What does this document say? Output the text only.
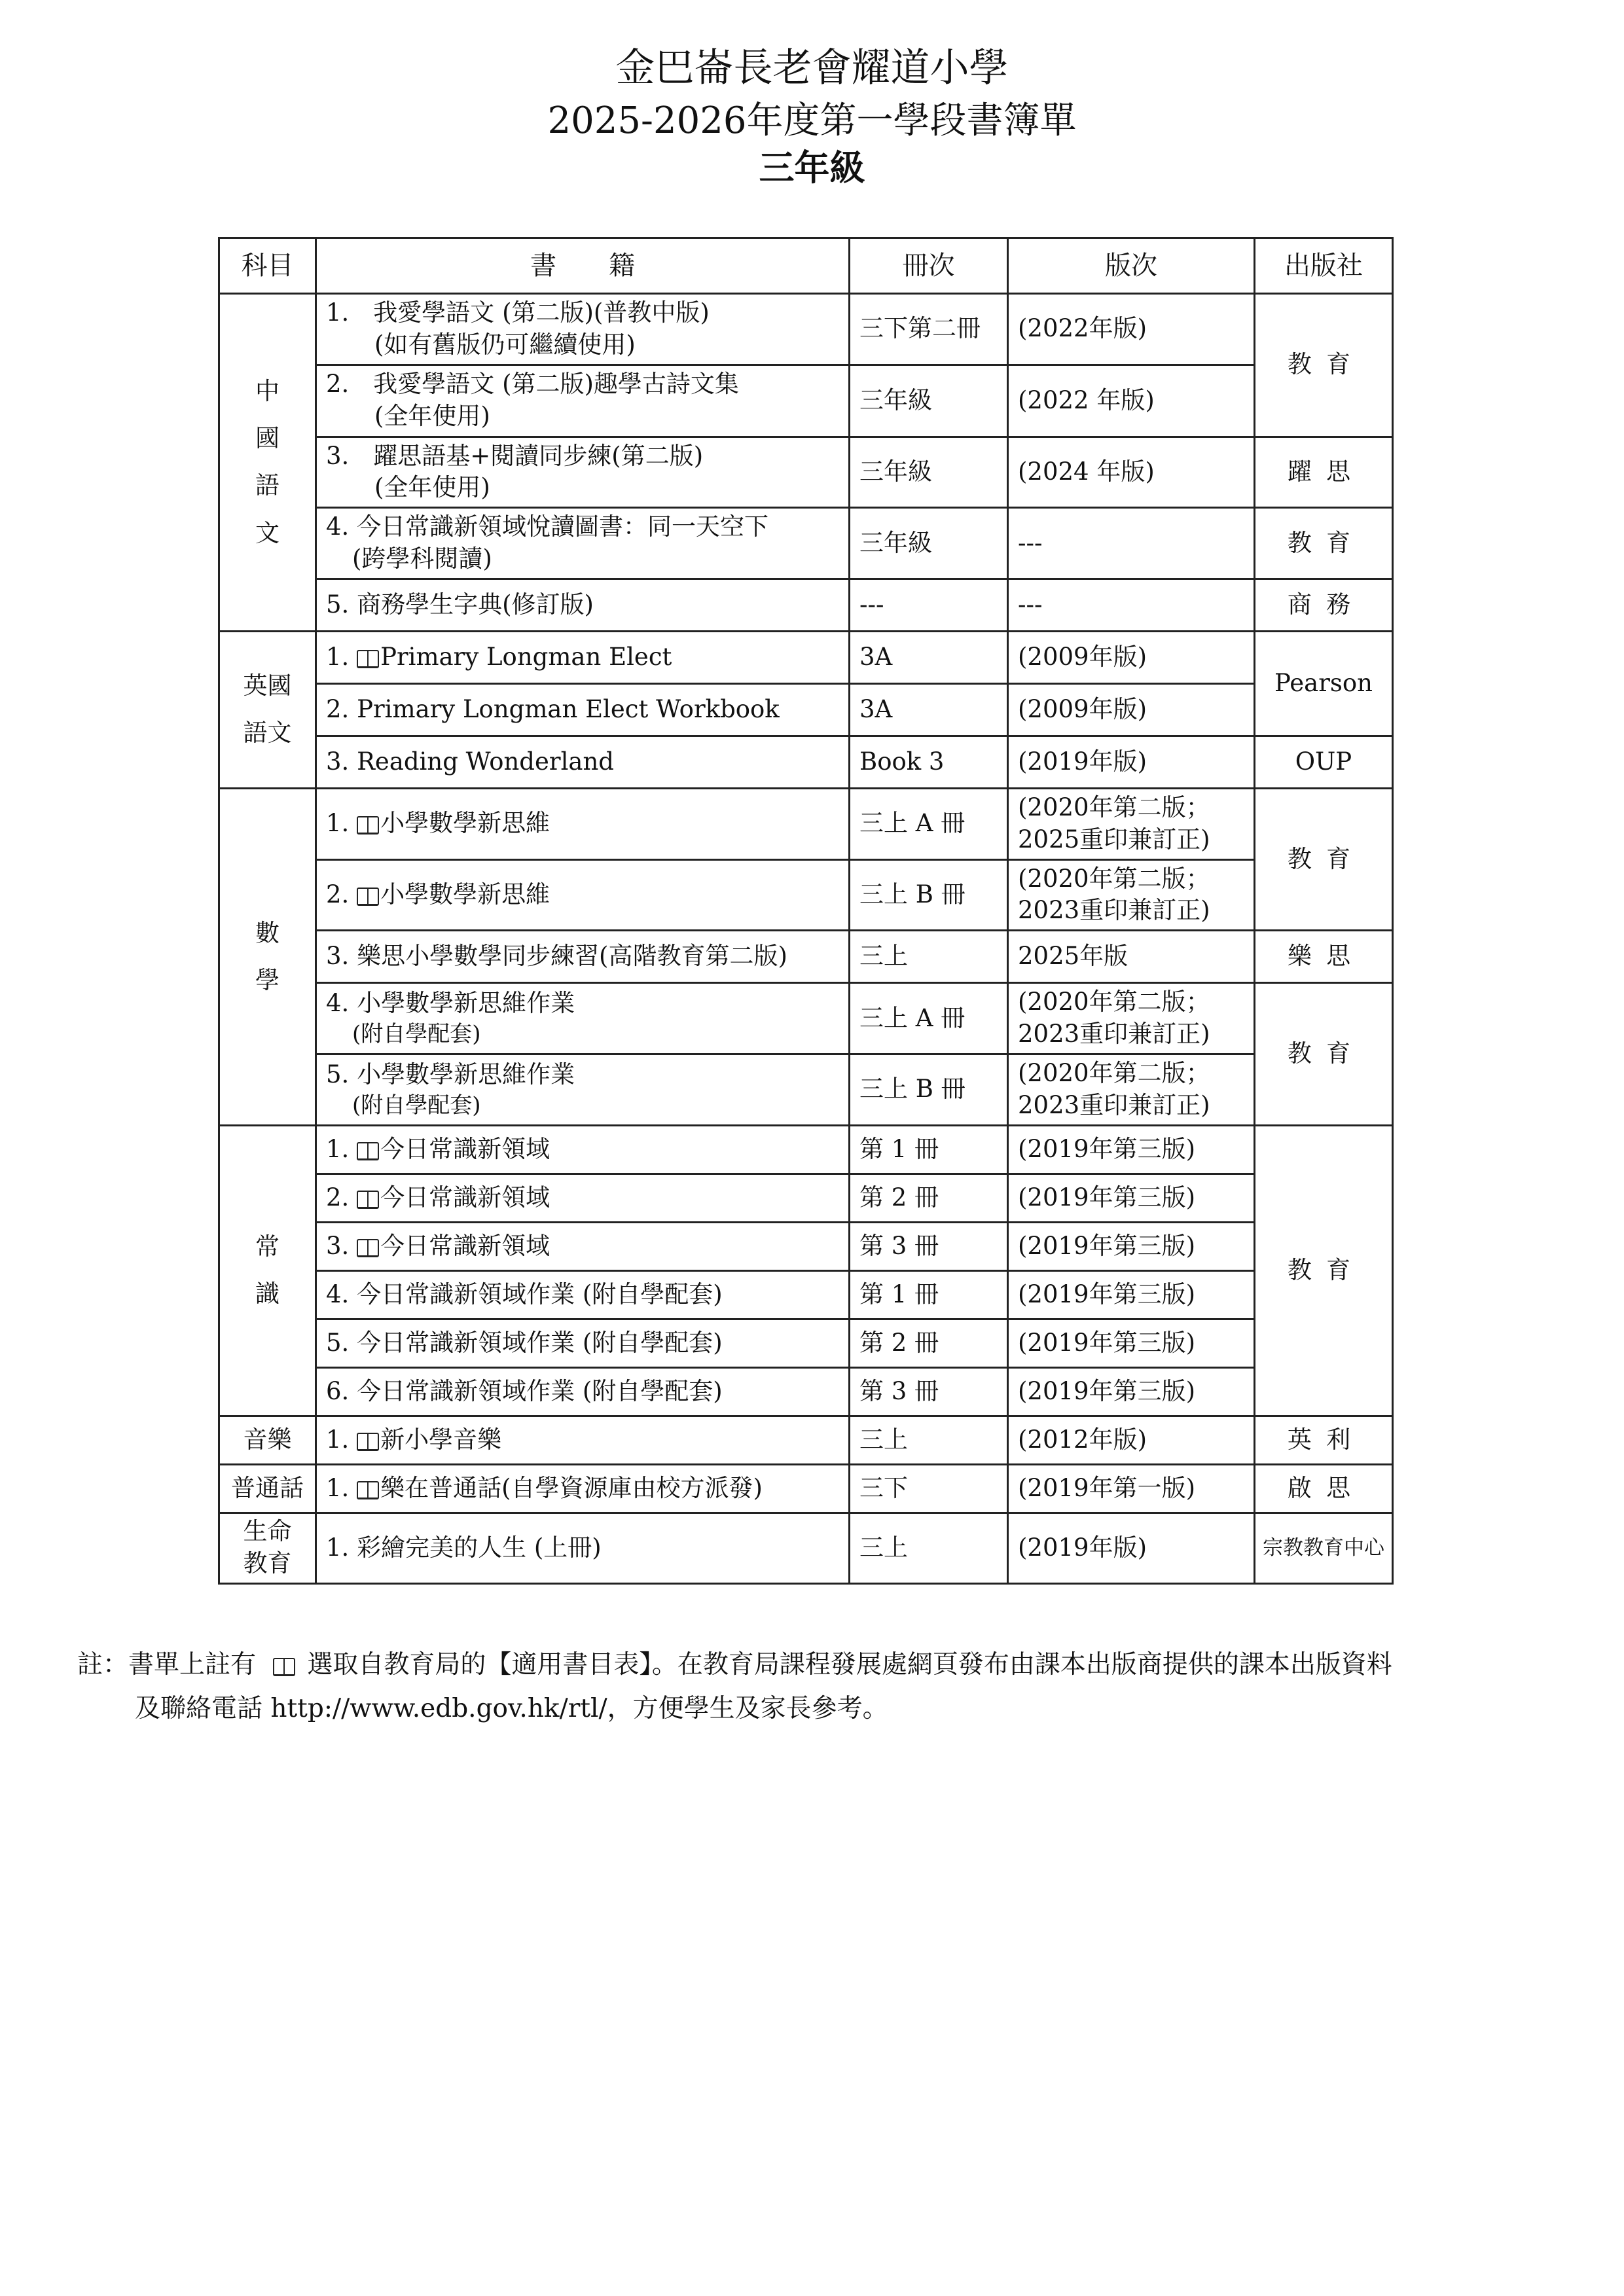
金巴崙長老會耀道小學
2025-2026年度第一學段書簿單
三年級
科目	書　　籍	冊次	版次	出版社

中
國
語
文	1.　我愛學語文 (第二版)(普教中版)
(如有舊版仍可繼續使用)	三下第二冊	(2022年版)	教育

	2.　我愛學語文 (第二版)趣學古詩文集
(全年使用)	三年級	(2022 年版)	

	3.　躍思語基+閱讀同步練(第二版)
(全年使用)	三年級	(2024 年版)	躍思

	4. 今日常識新領域悅讀圖書：同一天空下
(跨學科閱讀)	三年級	---	教育
	5. 商務學生字典(修訂版)	---	---	商務

英國
語文	1. Primary Longman Elect	3A	(2009年版)	Pearson
	2. Primary Longman Elect Workbook	3A	(2009年版)	
	3. Reading Wonderland	Book 3	(2019年版)	OUP

數
學	1. 小學數學新思維	三上 A 冊	(2020年第二版；
2025重印兼訂正)	教育
	2. 小學數學新思維	三上 B 冊	(2020年第二版；
2023重印兼訂正)	

	3. 樂思小學數學同步練習(高階教育第二版)	三上	2025年版	樂思

	4. 小學數學新思維作業
(附自學配套)	三上 A 冊	(2020年第二版；
2023重印兼訂正)	教育

	5. 小學數學新思維作業
(附自學配套)	三上 B 冊	(2020年第二版；
2023重印兼訂正)	

常
識	1. 今日常識新領域	第 1 冊	(2019年第三版)	教育
	2. 今日常識新領域	第 2 冊	(2019年第三版)	
	3. 今日常識新領域	第 3 冊	(2019年第三版)	
	4. 今日常識新領域作業 (附自學配套)	第 1 冊	(2019年第三版)	
	5. 今日常識新領域作業 (附自學配套)	第 2 冊	(2019年第三版)	
	6. 今日常識新領域作業 (附自學配套)	第 3 冊	(2019年第三版)	
音樂	1. 新小學音樂	三上	(2012年版)	英利
普通話	1. 樂在普通話(自學資源庫由校方派發)	三下	(2019年第一版)	啟思

生命
教育	1. 彩繪完美的人生 (上冊)	三上	(2019年版)	宗教教育中心
註：書單上註有 選取自教育局的【適用書目表】。在教育局課程發展處網頁發布由課本出版商提供的課本出版資料
及聯絡電話 http://www.edb.gov.hk/rtl/，方便學生及家長參考。
